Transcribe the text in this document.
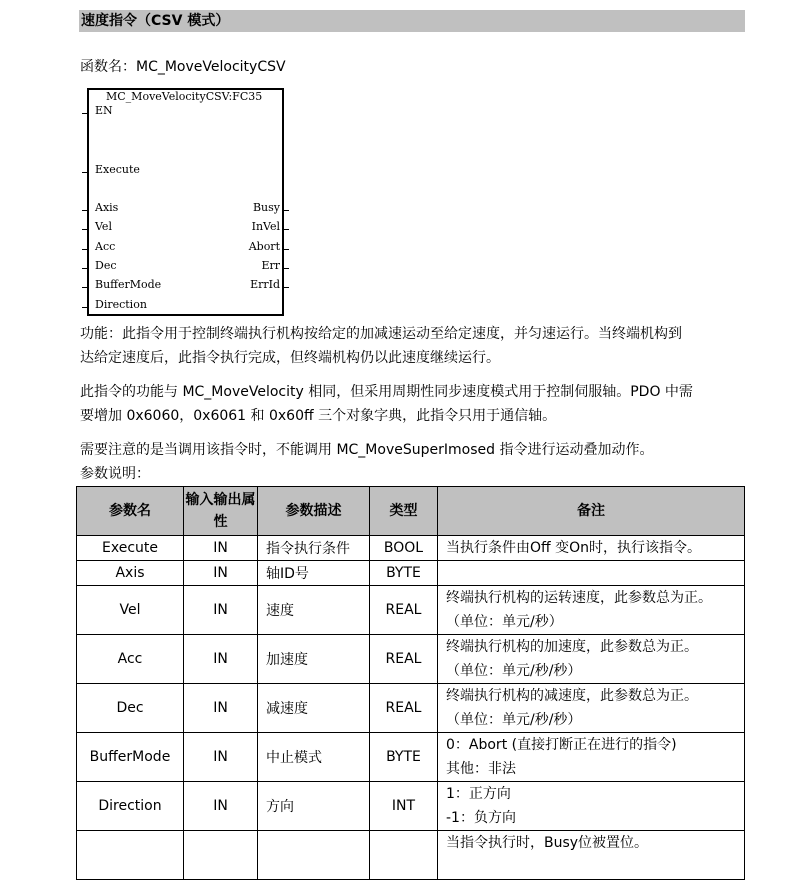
速度指令（CSV 模式）
函数名：MC_MoveVelocityCSV
MC_MoveVelocityCSV:FC35
EN
Execute
Axis
Vel
Acc
Dec
BufferMode
Direction
Busy
InVel
Abort
Err
ErrId
功能：此指令用于控制终端执行机构按给定的加减速运动至给定速度，并匀速运行。当终端机构到
达给定速度后，此指令执行完成，但终端机构仍以此速度继续运行。
此指令的功能与 MC_MoveVelocity 相同，但采用周期性同步速度模式用于控制伺服轴。PDO 中需
要增加 0x6060，0x6061 和 0x60ff 三个对象字典，此指令只用于通信轴。
需要注意的是当调用该指令时，不能调用 MC_MoveSuperImosed 指令进行运动叠加动作。
参数说明：
参数名	输入输出属性	参数描述	类型	备注
Execute	IN	指令执行条件	BOOL	当执行条件由Off 变On时，执行该指令。

Axis	IN	轴ID号	BYTE	
Vel	IN	速度	REAL	终端执行机构的运转速度，此参数总为正。
（单位：单元/秒）

Acc	IN	加速度	REAL	终端执行机构的加速度，此参数总为正。
（单位：单元/秒/秒）

Dec	IN	减速度	REAL	终端执行机构的减速度，此参数总为正。
（单位：单元/秒/秒）

BufferMode	IN	中止模式	BYTE	0：Abort (直接打断正在进行的指令)
其他：非法

Direction	IN	方向	INT	1：正方向
-1：负方向

				当指令执行时，Busy位被置位。
